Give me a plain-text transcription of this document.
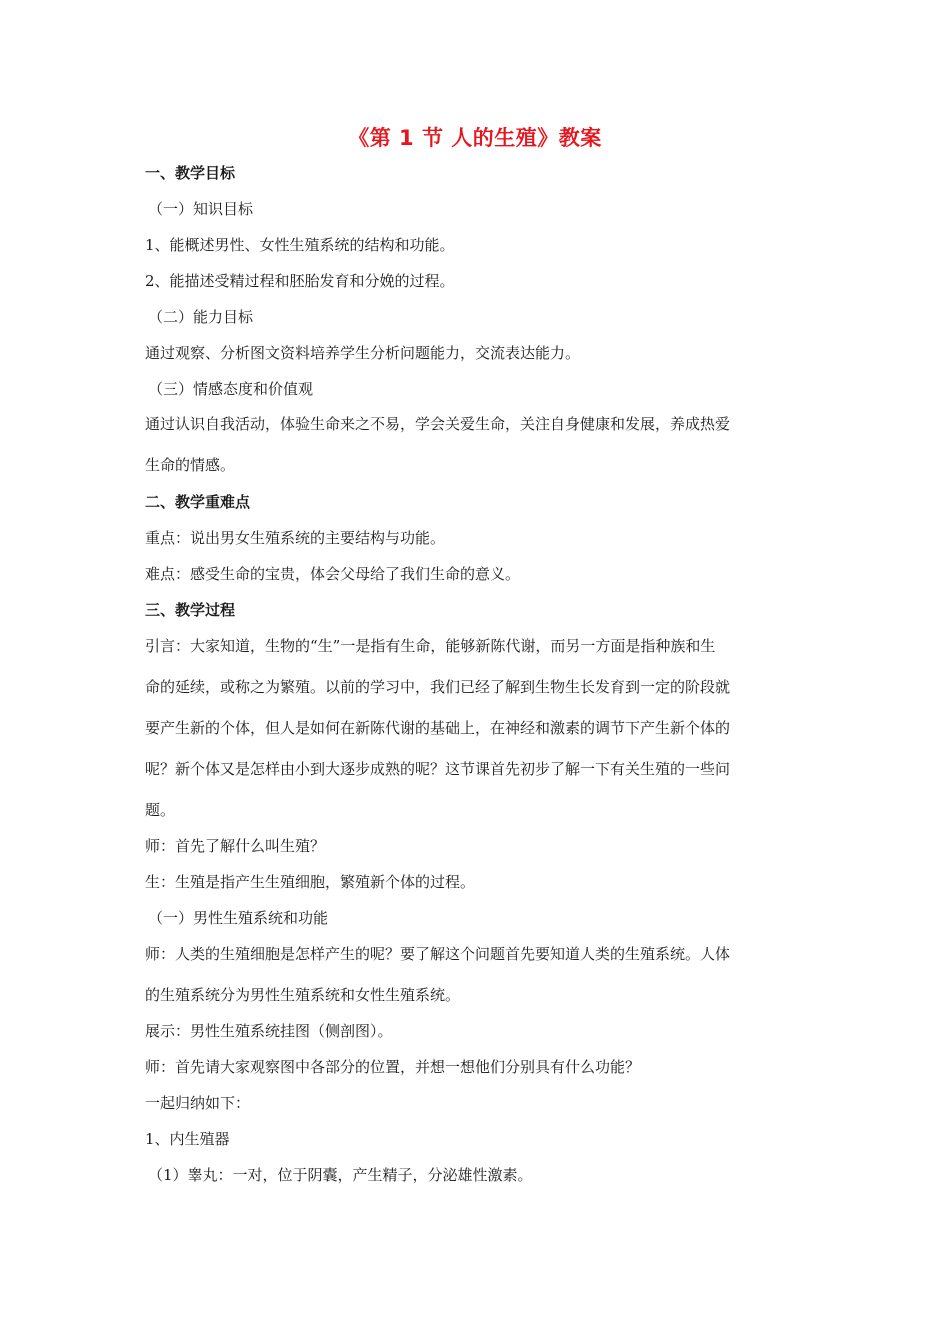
《第 1 节 人的生殖》教案
一、教学目标
（一）知识目标
1、能概述男性、女性生殖系统的结构和功能。
2、能描述受精过程和胚胎发育和分娩的过程。
（二）能力目标
通过观察、分析图文资料培养学生分析问题能力，交流表达能力。
（三）情感态度和价值观
通过认识自我活动，体验生命来之不易，学会关爱生命，关注自身健康和发展，养成热爱
生命的情感。
二、教学重难点
重点：说出男女生殖系统的主要结构与功能。
难点：感受生命的宝贵，体会父母给了我们生命的意义。
三、教学过程
引言：大家知道，生物的“生”一是指有生命，能够新陈代谢，而另一方面是指种族和生
命的延续，或称之为繁殖。以前的学习中，我们已经了解到生物生长发育到一定的阶段就
要产生新的个体，但人是如何在新陈代谢的基础上，在神经和激素的调节下产生新个体的
呢？新个体又是怎样由小到大逐步成熟的呢？这节课首先初步了解一下有关生殖的一些问
题。
师：首先了解什么叫生殖？
生：生殖是指产生生殖细胞，繁殖新个体的过程。
（一）男性生殖系统和功能
师：人类的生殖细胞是怎样产生的呢？要了解这个问题首先要知道人类的生殖系统。人体
的生殖系统分为男性生殖系统和女性生殖系统。
展示：男性生殖系统挂图（侧剖图）。
师：首先请大家观察图中各部分的位置，并想一想他们分别具有什么功能？
一起归纳如下：
1、内生殖器
（1）睾丸：一对，位于阴囊，产生精子，分泌雄性激素。
